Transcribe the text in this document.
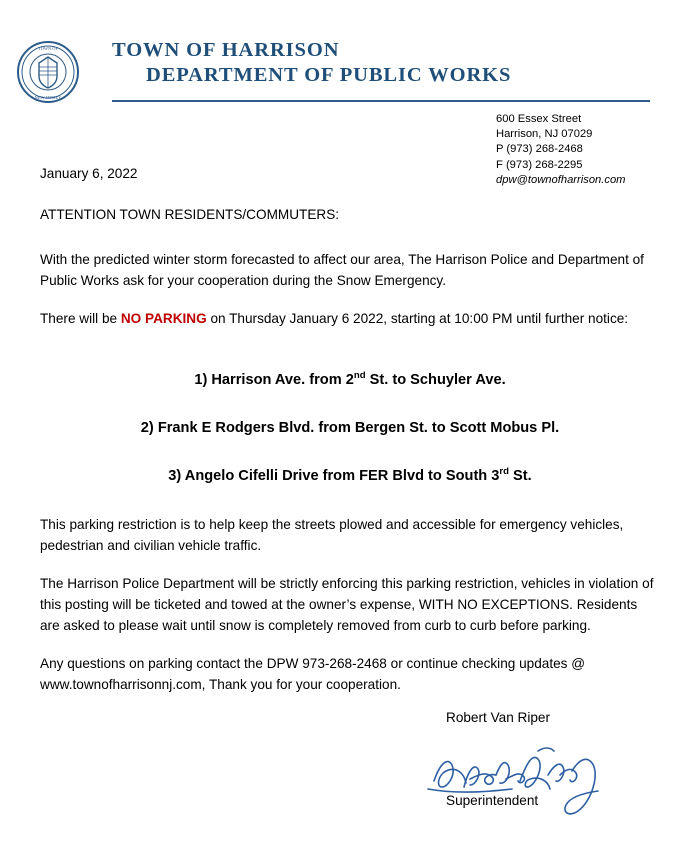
TOWN OF
NEW JERSEY
TOWN OF HARRISON
DEPARTMENT OF PUBLIC WORKS
600 Essex Street
Harrison, NJ 07029
P (973) 268-2468
F (973) 268-2295
dpw@townofharrison.com

January 6, 2022

ATTENTION TOWN RESIDENTS/COMMUTERS:

With the predicted winter storm forecasted to affect our area, The Harrison Police and Department of Public Works ask for your cooperation during the Snow Emergency.

There will be NO PARKING on Thursday January 6 2022, starting at 10:00 PM until further notice:

1) Harrison Ave. from 2nd St. to Schuyler Ave.

2) Frank E Rodgers Blvd. from Bergen St. to Scott Mobus Pl.

3) Angelo Cifelli Drive from FER Blvd to South 3rd St.

This parking restriction is to help keep the streets plowed and accessible for emergency vehicles, pedestrian and civilian vehicle traffic.

The Harrison Police Department will be strictly enforcing this parking restriction, vehicles in violation of this posting will be ticketed and towed at the owner’s expense, WITH NO EXCEPTIONS. Residents are asked to please wait until snow is completely removed from curb to curb before parking.

Any questions on parking contact the DPW 973-268-2468 or continue checking updates @ www.townofharrisonnj.com, Thank you for your cooperation.

Robert Van Riper
Superintendent
